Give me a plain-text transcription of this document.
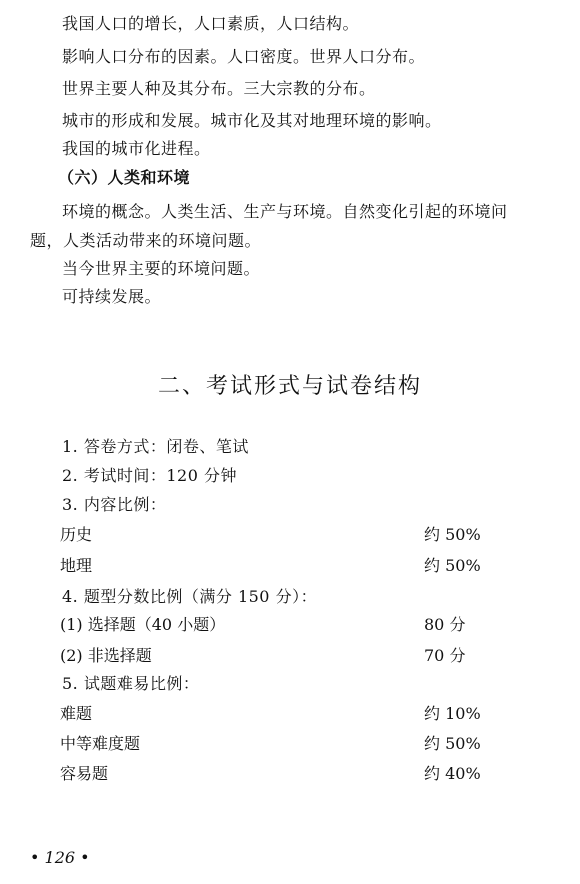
我国人口的增长，人口素质，人口结构。
影响人口分布的因素。人口密度。世界人口分布。
世界主要人种及其分布。三大宗教的分布。
城市的形成和发展。城市化及其对地理环境的影响。
我国的城市化进程。
（六）人类和环境
环境的概念。人类生活、生产与环境。自然变化引起的环境问
题，人类活动带来的环境问题。
当今世界主要的环境问题。
可持续发展。
二、考试形式与试卷结构
1. 答卷方式：闭卷、笔试
2. 考试时间：120 分钟
3. 内容比例：
历史	约 50%
地理	约 50%
4. 题型分数比例（满分 150 分）：
(1) 选择题（40 小题）	80 分
(2) 非选择题	70 分
5. 试题难易比例：
难题	约 10%
中等难度题	约 50%
容易题	约 40%
• 126 •
